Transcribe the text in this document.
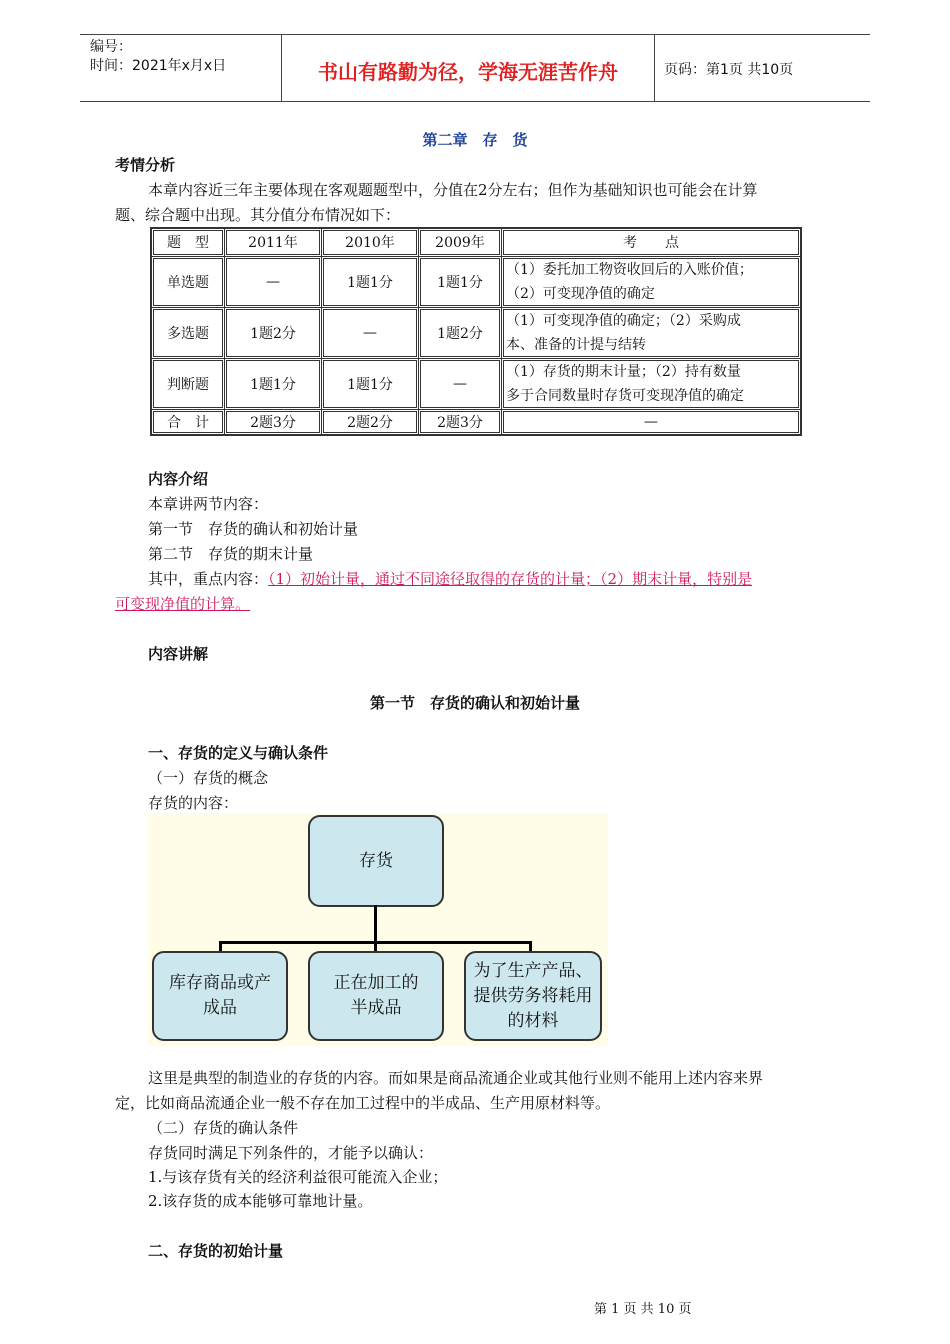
编号：
时间：2021年x月x日	书山有路勤为径，学海无涯苦作舟	页码：第1页 共10页
第二章　存　货
考情分析
本章内容近三年主要体现在客观题题型中，分值在2分左右；但作为基础知识也可能会在计算
题、综合题中出现。其分值分布情况如下：
题　型	2011年	2010年	2009年	考　　点
单选题	—	1题1分	1题1分	（1）委托加工物资收回后的入账价值；
（2）可变现净值的确定

多选题	1题2分	—	1题2分	（1）可变现净值的确定；（2）采购成
本、准备的计提与结转

判断题	1题1分	1题1分	—	（1）存货的期末计量；（2）持有数量
多于合同数量时存货可变现净值的确定

合　计	2题3分	2题2分	2题3分	—
内容介绍
本章讲两节内容：
第一节　存货的确认和初始计量
第二节　存货的期末计量
其中，重点内容：（1）初始计量，通过不同途径取得的存货的计量；（2）期末计量，特别是
可变现净值的计算。
内容讲解
第一节　存货的确认和初始计量
一、存货的定义与确认条件
（一）存货的概念
存货的内容：
存货
库存商品或产
成品
正在加工的
半成品
为了生产产品、
提供劳务将耗用
的材料
这里是典型的制造业的存货的内容。而如果是商品流通企业或其他行业则不能用上述内容来界
定，比如商品流通企业一般不存在加工过程中的半成品、生产用原材料等。
（二）存货的确认条件
存货同时满足下列条件的，才能予以确认：
1.与该存货有关的经济利益很可能流入企业；
2.该存货的成本能够可靠地计量。
二、存货的初始计量
第 1 页 共 10 页
